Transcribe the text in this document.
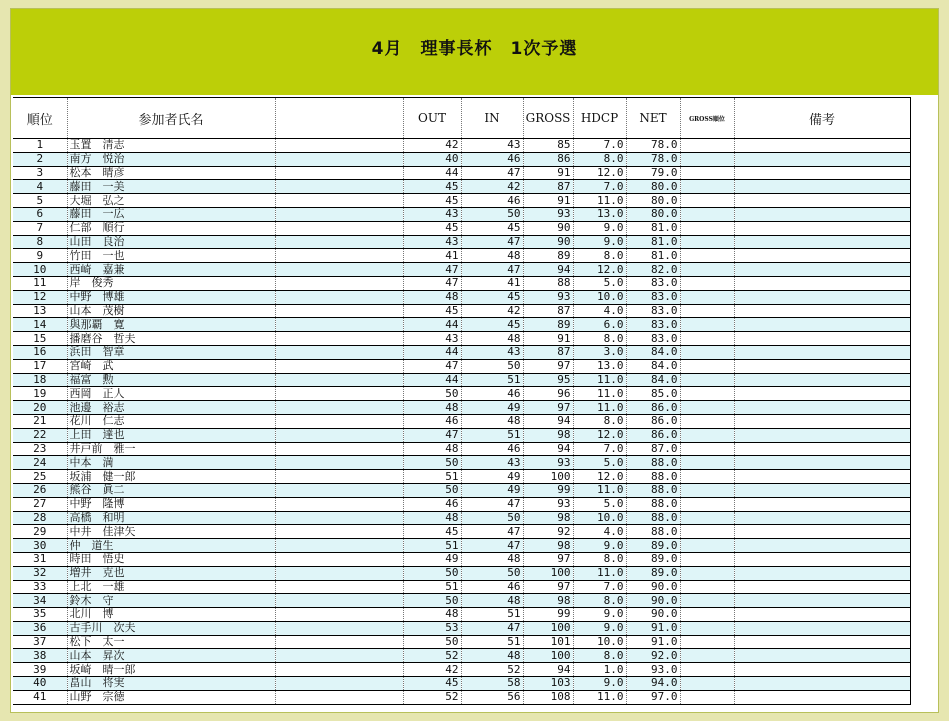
4月　理事長杯　1次予選
順位	参加者氏名		OUT	IN	GROSS	HDCP	NET	GROSS順位	備考
1	玉置　清志		42	43	85	7.0	78.0		
2	南方　悦治		40	46	86	8.0	78.0		
3	松本　晴彦		44	47	91	12.0	79.0		
4	藤田　一美		45	42	87	7.0	80.0		
5	大堀　弘之		45	46	91	11.0	80.0		
6	藤田　一広		43	50	93	13.0	80.0		
7	仁部　順行		45	45	90	9.0	81.0		
8	山田　良治		43	47	90	9.0	81.0		
9	竹田　一也		41	48	89	8.0	81.0		
10	西崎　嘉兼		47	47	94	12.0	82.0		
11	岸　俊秀		47	41	88	5.0	83.0		
12	中野　博雄		48	45	93	10.0	83.0		
13	山本　茂樹		45	42	87	4.0	83.0		
14	與那覇　寛		44	45	89	6.0	83.0		
15	播磨谷　哲夫		43	48	91	8.0	83.0		
16	浜田　智章		44	43	87	3.0	84.0		
17	宮崎　武		47	50	97	13.0	84.0		
18	福富　勲		44	51	95	11.0	84.0		
19	西岡　正人		50	46	96	11.0	85.0		
20	池邊　裕志		48	49	97	11.0	86.0		
21	花川　仁志		46	48	94	8.0	86.0		
22	上田　達也		47	51	98	12.0	86.0		
23	井戸前　雅一		48	46	94	7.0	87.0		
24	中本　満		50	43	93	5.0	88.0		
25	坂浦　健一郎		51	49	100	12.0	88.0		
26	熊谷　眞二		50	49	99	11.0	88.0		
27	中野　隆博		46	47	93	5.0	88.0		
28	高橋　和明		48	50	98	10.0	88.0		
29	中井　佳津矢		45	47	92	4.0	88.0		
30	仲　道生		51	47	98	9.0	89.0		
31	時田　悟史		49	48	97	8.0	89.0		
32	増井　克也		50	50	100	11.0	89.0		
33	上北　一雄		51	46	97	7.0	90.0		
34	鈴木　守		50	48	98	8.0	90.0		
35	北川　博		48	51	99	9.0	90.0		
36	古手川　次夫		53	47	100	9.0	91.0		
37	松下　太一		50	51	101	10.0	91.0		
38	山本　昇次		52	48	100	8.0	92.0		
39	坂崎　晴一郎		42	52	94	1.0	93.0		
40	畠山　将実		45	58	103	9.0	94.0		
41	山野　宗徳		52	56	108	11.0	97.0		
